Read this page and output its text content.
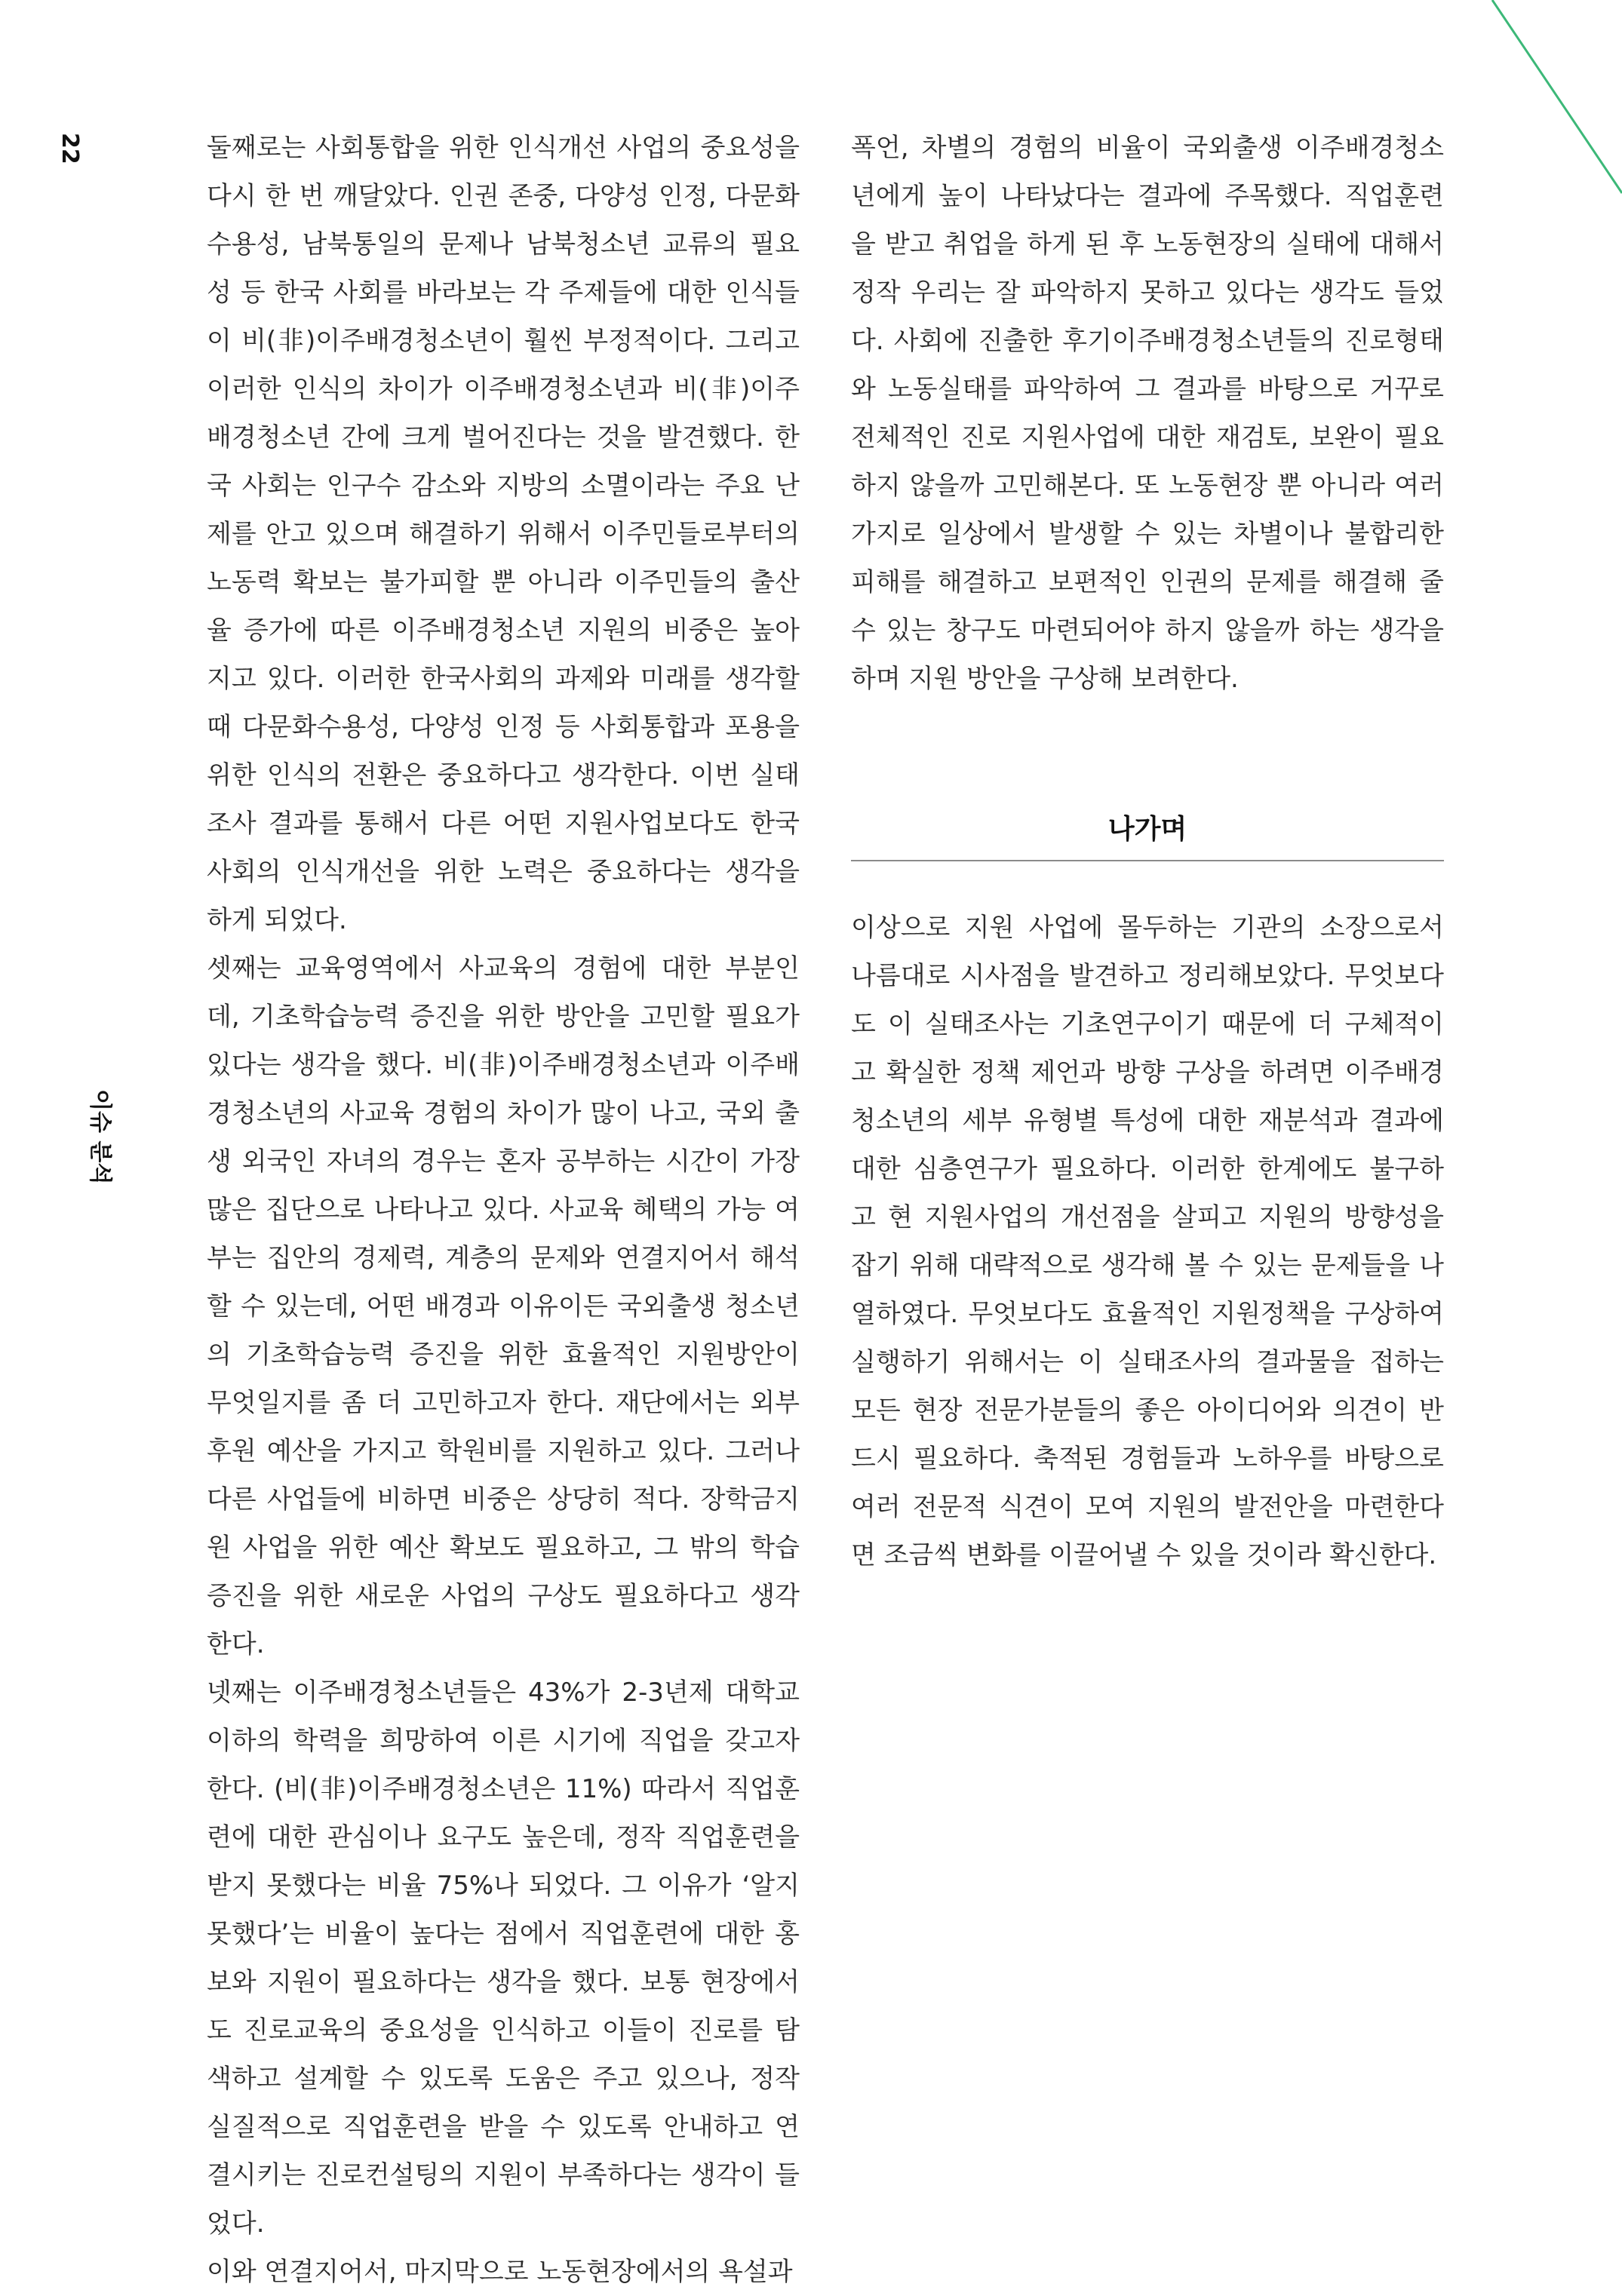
22
이슈 분석

둘째로는 사회통합을 위한 인식개선 사업의 중요성을 다시 한 번 깨달았다. 인권 존중, 다양성 인정, 다문화수용성, 남북통일의 문제나 남북청소년 교류의 필요성 등 한국 사회를 바라보는 각 주제들에 대한 인식들이 비(非)이주배경청소년이 훨씬 부정적이다. 그리고 이러한 인식의 차이가 이주배경청소년과 비(非)이주배경청소년 간에 크게 벌어진다는 것을 발견했다. 한국 사회는 인구수 감소와 지방의 소멸이라는 주요 난제를 안고 있으며 해결하기 위해서 이주민들로부터의 노동력 확보는 불가피할 뿐 아니라 이주민들의 출산율 증가에 따른 이주배경청소년 지원의 비중은 높아지고 있다. 이러한 한국사회의 과제와 미래를 생각할 때 다문화수용성, 다양성 인정 등 사회통합과 포용을 위한 인식의 전환은 중요하다고 생각한다. 이번 실태조사 결과를 통해서 다른 어떤 지원사업보다도 한국사회의 인식개선을 위한 노력은 중요하다는 생각을 하게 되었다.

셋째는 교육영역에서 사교육의 경험에 대한 부분인데, 기초학습능력 증진을 위한 방안을 고민할 필요가 있다는 생각을 했다. 비(非)이주배경청소년과 이주배경청소년의 사교육 경험의 차이가 많이 나고, 국외 출생 외국인 자녀의 경우는 혼자 공부하는 시간이 가장 많은 집단으로 나타나고 있다. 사교육 혜택의 가능 여부는 집안의 경제력, 계층의 문제와 연결지어서 해석할 수 있는데, 어떤 배경과 이유이든 국외출생 청소년의 기초학습능력 증진을 위한 효율적인 지원방안이 무엇일지를 좀 더 고민하고자 한다. 재단에서는 외부후원 예산을 가지고 학원비를 지원하고 있다. 그러나 다른 사업들에 비하면 비중은 상당히 적다. 장학금지원 사업을 위한 예산 확보도 필요하고, 그 밖의 학습증진을 위한 새로운 사업의 구상도 필요하다고 생각한다.

넷째는 이주배경청소년들은 43%가 2-3년제 대학교 이하의 학력을 희망하여 이른 시기에 직업을 갖고자 한다. (비(非)이주배경청소년은 11%) 따라서 직업훈련에 대한 관심이나 요구도 높은데, 정작 직업훈련을 받지 못했다는 비율 75%나 되었다. 그 이유가 ‘알지 못했다’는 비율이 높다는 점에서 직업훈련에 대한 홍보와 지원이 필요하다는 생각을 했다. 보통 현장에서도 진로교육의 중요성을 인식하고 이들이 진로를 탐색하고 설계할 수 있도록 도움은 주고 있으나, 정작 실질적으로 직업훈련을 받을 수 있도록 안내하고 연결시키는 진로컨설팅의 지원이 부족하다는 생각이 들었다.

이와 연결지어서, 마지막으로 노동현장에서의 욕설과

폭언, 차별의 경험의 비율이 국외출생 이주배경청소년에게 높이 나타났다는 결과에 주목했다. 직업훈련을 받고 취업을 하게 된 후 노동현장의 실태에 대해서 정작 우리는 잘 파악하지 못하고 있다는 생각도 들었다. 사회에 진출한 후기이주배경청소년들의 진로형태와 노동실태를 파악하여 그 결과를 바탕으로 거꾸로 전체적인 진로 지원사업에 대한 재검토, 보완이 필요하지 않을까 고민해본다. 또 노동현장 뿐 아니라 여러 가지로 일상에서 발생할 수 있는 차별이나 불합리한 피해를 해결하고 보편적인 인권의 문제를 해결해 줄 수 있는 창구도 마련되어야 하지 않을까 하는 생각을 하며 지원 방안을 구상해 보려한다.

나가며

이상으로 지원 사업에 몰두하는 기관의 소장으로서 나름대로 시사점을 발견하고 정리해보았다. 무엇보다도 이 실태조사는 기초연구이기 때문에 더 구체적이고 확실한 정책 제언과 방향 구상을 하려면 이주배경청소년의 세부 유형별 특성에 대한 재분석과 결과에 대한 심층연구가 필요하다. 이러한 한계에도 불구하고 현 지원사업의 개선점을 살피고 지원의 방향성을 잡기 위해 대략적으로 생각해 볼 수 있는 문제들을 나열하였다. 무엇보다도 효율적인 지원정책을 구상하여 실행하기 위해서는 이 실태조사의 결과물을 접하는 모든 현장 전문가분들의 좋은 아이디어와 의견이 반드시 필요하다. 축적된 경험들과 노하우를 바탕으로 여러 전문적 식견이 모여 지원의 발전안을 마련한다면 조금씩 변화를 이끌어낼 수 있을 것이라 확신한다.
